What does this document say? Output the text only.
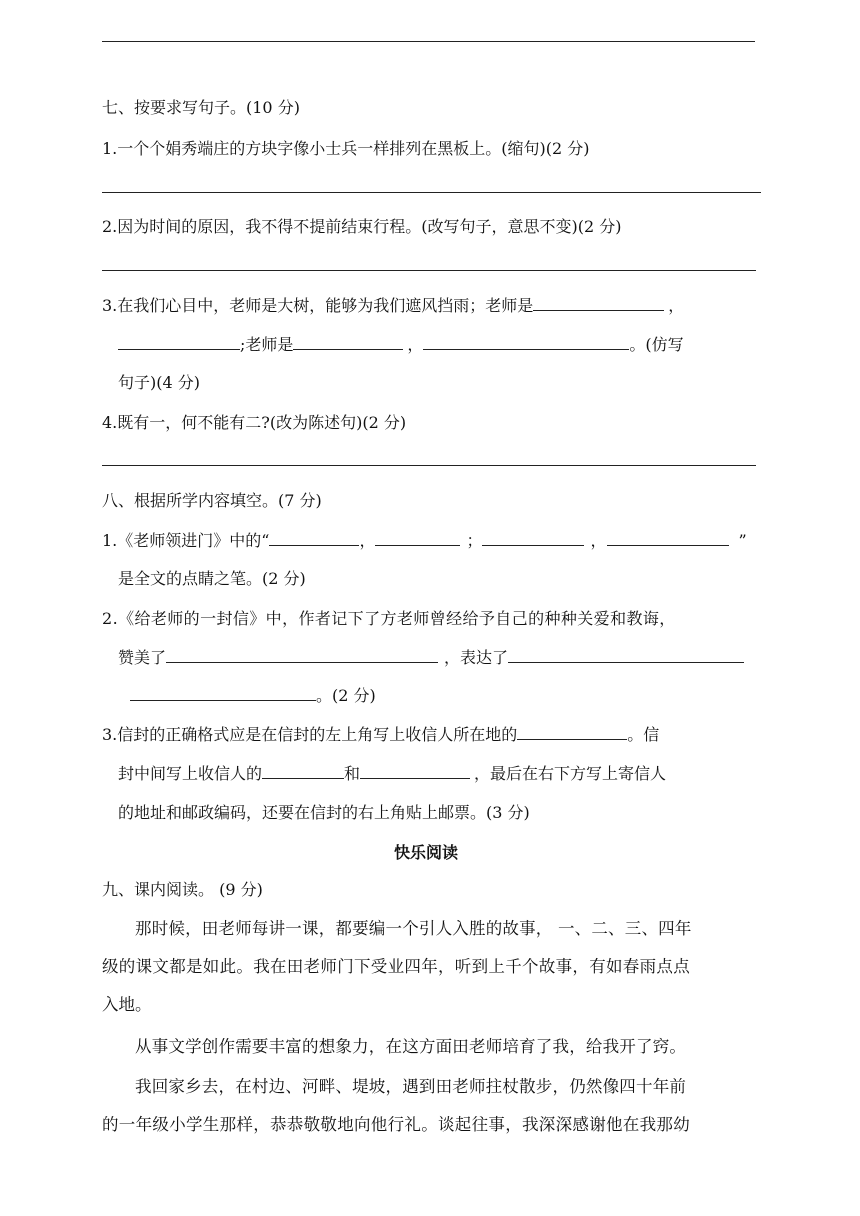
七、按要求写句子。(10 分)
1.一个个娟秀端庄的方块字像小士兵一样排列在黑板上。(缩句)(2 分)
2.因为时间的原因，我不得不提前结束行程。(改写句子，意思不变)(2 分)
3.在我们心目中，老师是大树，能够为我们遮风挡雨；老师是	，
;老师是	，	。(仿写
句子)(4 分)
4.既有一，何不能有二?(改为陈述句)(2 分)
八、根据所学内容填空。(7 分)
1.《老师领进门》中的“	，	；	，	”
是全文的点睛之笔。(2 分)
2.《给老师的一封信》中，作者记下了方老师曾经给予自己的种种关爱和教诲，
赞美了	，表达了
。(2 分)
3.信封的正确格式应是在信封的左上角写上收信人所在地的	。信
封中间写上收信人的	和	，最后在右下方写上寄信人
的地址和邮政编码，还要在信封的右上角贴上邮票。(3 分)
快乐阅读
九、课内阅读。 (9 分)
那时候，田老师每讲一课，都要编一个引人入胜的故事， 一、二、三、四年
级的课文都是如此。我在田老师门下受业四年，听到上千个故事，有如春雨点点
入地。
从事文学创作需要丰富的想象力，在这方面田老师培育了我，给我开了窍。
我回家乡去，在村边、河畔、堤坡，遇到田老师拄杖散步，仍然像四十年前
的一年级小学生那样，恭恭敬敬地向他行礼。谈起往事，我深深感谢他在我那幼
